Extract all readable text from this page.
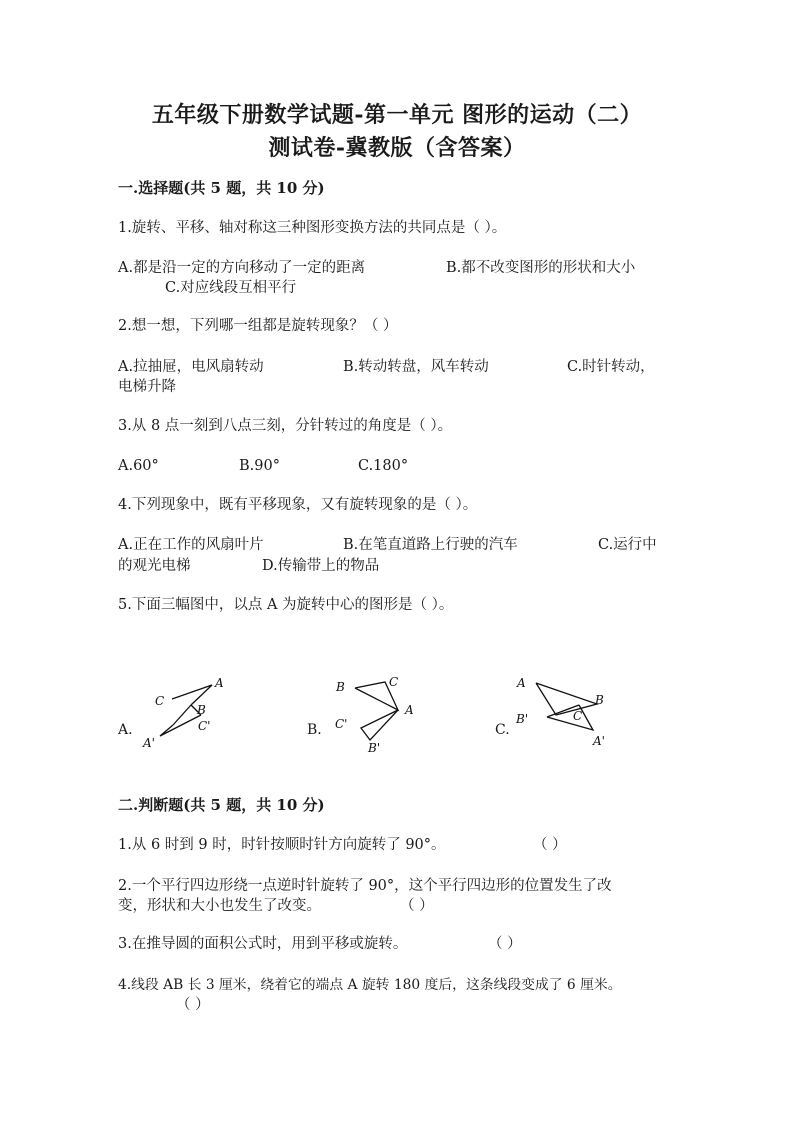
五年级下册数学试题-第一单元 图形的运动（二）
测试卷-冀教版（含答案）
一.选择题(共 5 题，共 10 分)
1.旋转、平移、轴对称这三种图形变换方法的共同点是（ ）。
A.都是沿一定的方向移动了一定的距离	B.都不改变图形的形状和大小
C.对应线段互相平行
2.想一想，下列哪一组都是旋转现象？（ ）
A.拉抽屉，电风扇转动	B.转动转盘，风车转动	C.时针转动，
电梯升降
3.从 8 点一刻到八点三刻，分针转过的角度是（ ）。
A.60°	B.90°	C.180°
4.下列现象中，既有平移现象，又有旋转现象的是（ ）。
A.正在工作的风扇叶片	B.在笔直道路上行驶的汽车	C.运行中
的观光电梯	D.传输带上的物品
5.下面三幅图中，以点 A 为旋转中心的图形是（ ）。
A.
A
C
B
C'
A'
B.
B	C
A
C'
B'
C.
A
B
C
B'
A'
二.判断题(共 5 题，共 10 分)
1.从 6 时到 9 时，时针按顺时针方向旋转了 90°。	（ ）
2.一个平行四边形绕一点逆时针旋转了 90°，这个平行四边形的位置发生了改
变，形状和大小也发生了改变。	（ ）
3.在推导圆的面积公式时，用到平移或旋转。	（ ）
4.线段 AB 长 3 厘米，绕着它的端点 A 旋转 180 度后，这条线段变成了 6 厘米。
（ ）
